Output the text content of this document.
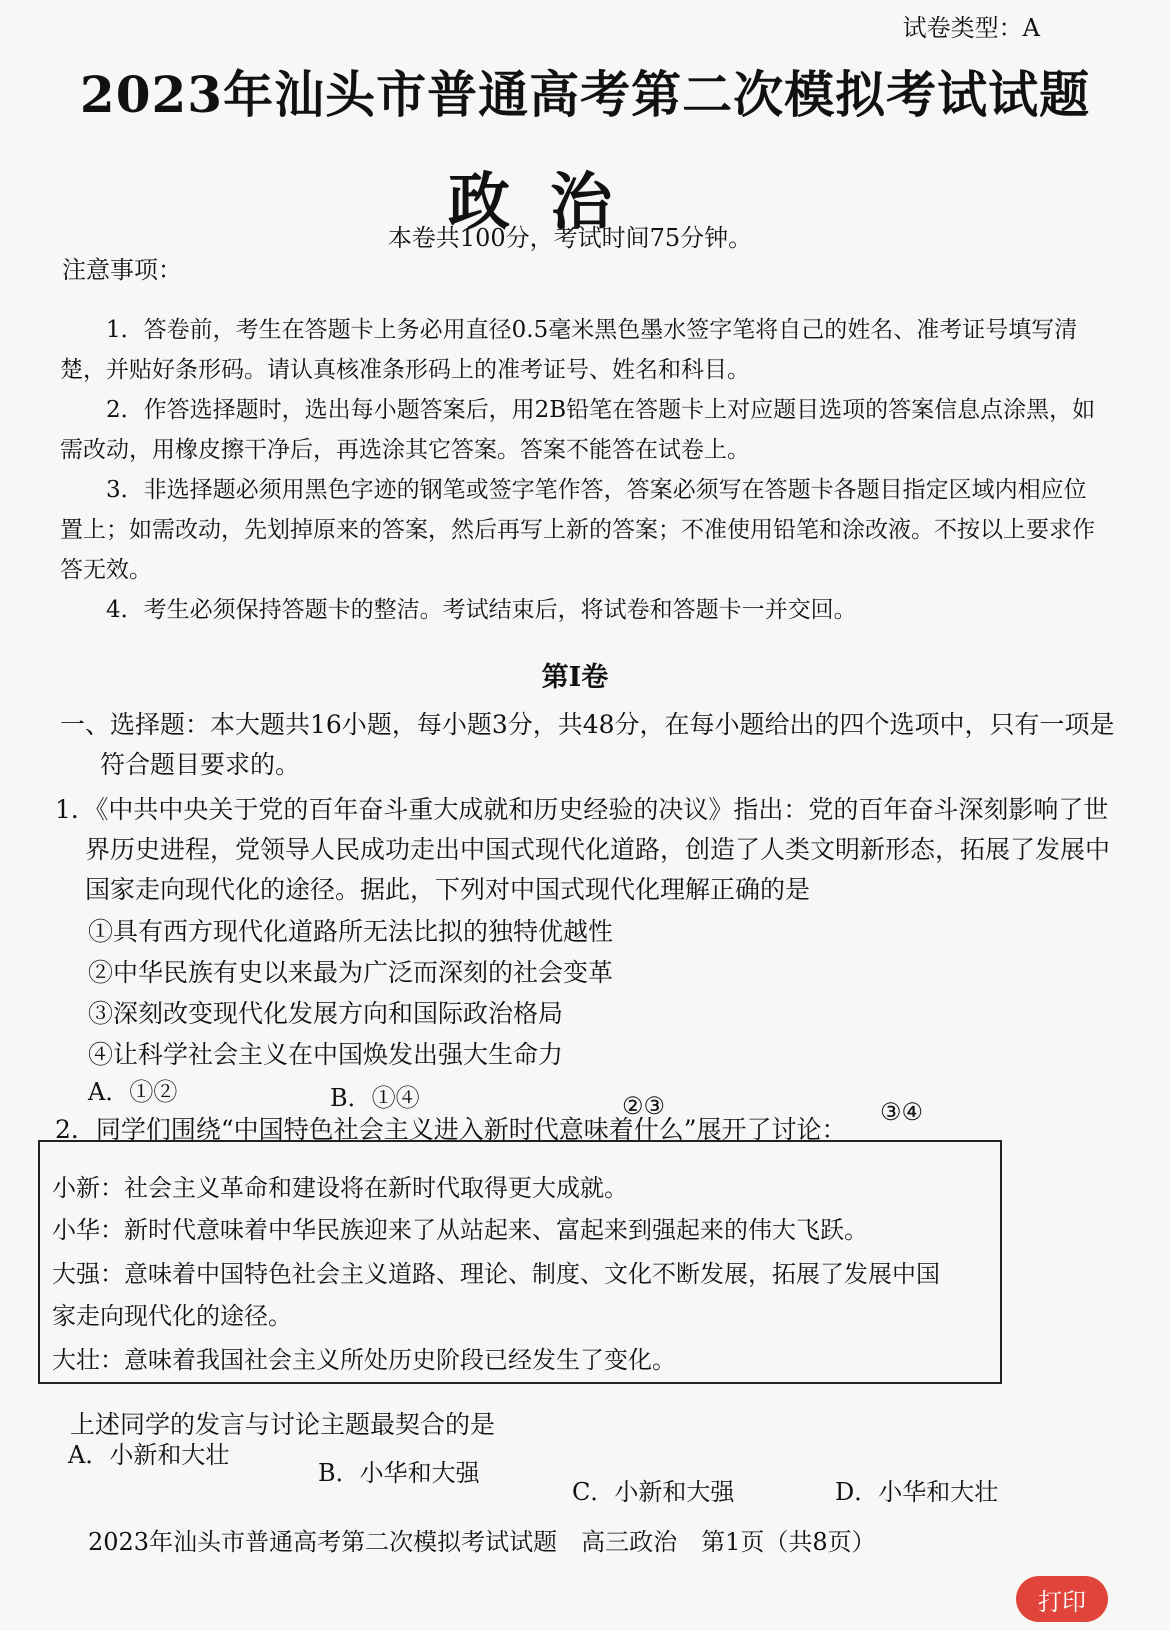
试卷类型：A
2023年汕头市普通高考第二次模拟考试试题
政治
本卷共100分，考试时间75分钟。
注意事项：
1．答卷前，考生在答题卡上务必用直径0.5毫米黑色墨水签字笔将自己的姓名、准考证号填写清楚，并贴好条形码。请认真核准条形码上的准考证号、姓名和科目。
2．作答选择题时，选出每小题答案后，用2B铅笔在答题卡上对应题目选项的答案信息点涂黑，如需改动，用橡皮擦干净后，再选涂其它答案。答案不能答在试卷上。
3．非选择题必须用黑色字迹的钢笔或签字笔作答，答案必须写在答题卡各题目指定区域内相应位置上；如需改动，先划掉原来的答案，然后再写上新的答案；不准使用铅笔和涂改液。不按以上要求作答无效。
4．考生必须保持答题卡的整洁。考试结束后，将试卷和答题卡一并交回。
第Ⅰ卷
一、选择题：本大题共16小题，每小题3分，共48分，在每小题给出的四个选项中，只有一项是符合题目要求的。
1．《中共中央关于党的百年奋斗重大成就和历史经验的决议》指出：党的百年奋斗深刻影响了世界历史进程，党领导人民成功走出中国式现代化道路，创造了人类文明新形态，拓展了发展中国家走向现代化的途径。据此，下列对中国式现代化理解正确的是
①具有西方现代化道路所无法比拟的独特优越性
②中华民族有史以来最为广泛而深刻的社会变革
③深刻改变现代化发展方向和国际政治格局
④让科学社会主义在中国焕发出强大生命力
A．①②	B．①④	②③	③④
2．同学们围绕“中国特色社会主义进入新时代意味着什么”展开了讨论：
小新：社会主义革命和建设将在新时代取得更大成就。
小华：新时代意味着中华民族迎来了从站起来、富起来到强起来的伟大飞跃。
大强：意味着中国特色社会主义道路、理论、制度、文化不断发展，拓展了发展中国
家走向现代化的途径。
大壮：意味着我国社会主义所处历史阶段已经发生了变化。
上述同学的发言与讨论主题最契合的是
A．小新和大壮
B．小华和大强
C．小新和大强	D．小华和大壮
2023年汕头市普通高考第二次模拟考试试题　高三政治　第1页（共8页）
打印
